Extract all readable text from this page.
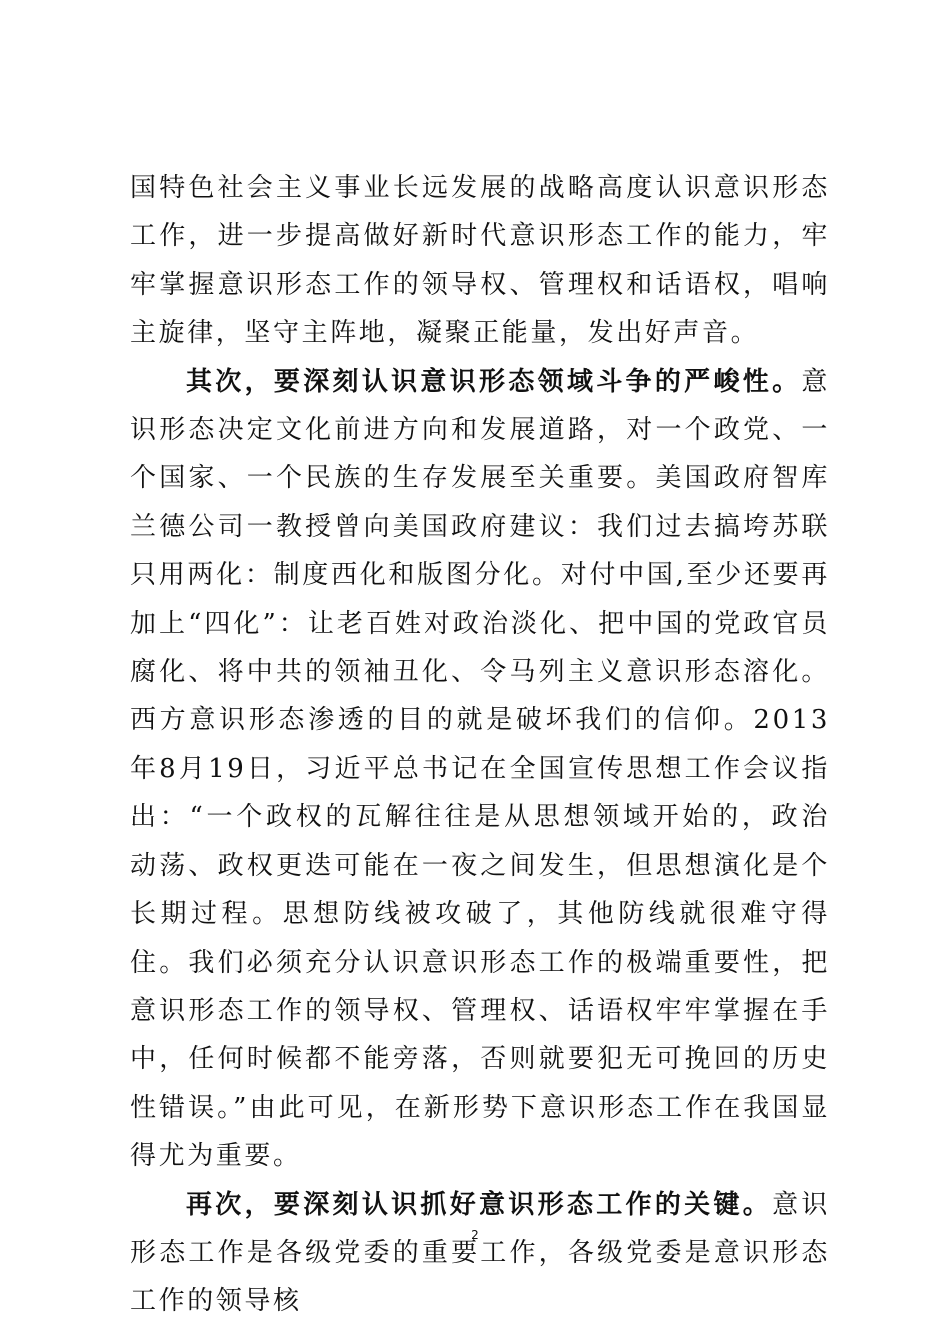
国特色社会主义事业长远发展的战略高度认识意识形态工作，进一步提高做好新时代意识形态工作的能力，牢牢掌握意识形态工作的领导权、管理权和话语权，唱响主旋律，坚守主阵地，凝聚正能量，发出好声音。

其次，要深刻认识意识形态领域斗争的严峻性。意识形态决定文化前进方向和发展道路，对一个政党、一个国家、一个民族的生存发展至关重要。美国政府智库兰德公司一教授曾向美国政府建议：我们过去搞垮苏联只用两化：制度西化和版图分化。对付中国,至少还要再加上“四化”：让老百姓对政治淡化、把中国的党政官员腐化、将中共的领袖丑化、令马列主义意识形态溶化。西方意识形态渗透的目的就是破坏我们的信仰。2013年8月19日，习近平总书记在全国宣传思想工作会议指出：“一个政权的瓦解往往是从思想领域开始的，政治动荡、政权更迭可能在一夜之间发生，但思想演化是个长期过程。思想防线被攻破了，其他防线就很难守得住。我们必须充分认识意识形态工作的极端重要性，把意识形态工作的领导权、管理权、话语权牢牢掌握在手中，任何时候都不能旁落，否则就要犯无可挽回的历史性错误。”由此可见，在新形势下意识形态工作在我国显得尤为重要。

再次，要深刻认识抓好意识形态工作的关键。意识形态工作是各级党委的重要工作，各级党委是意识形态工作的领导核

2
